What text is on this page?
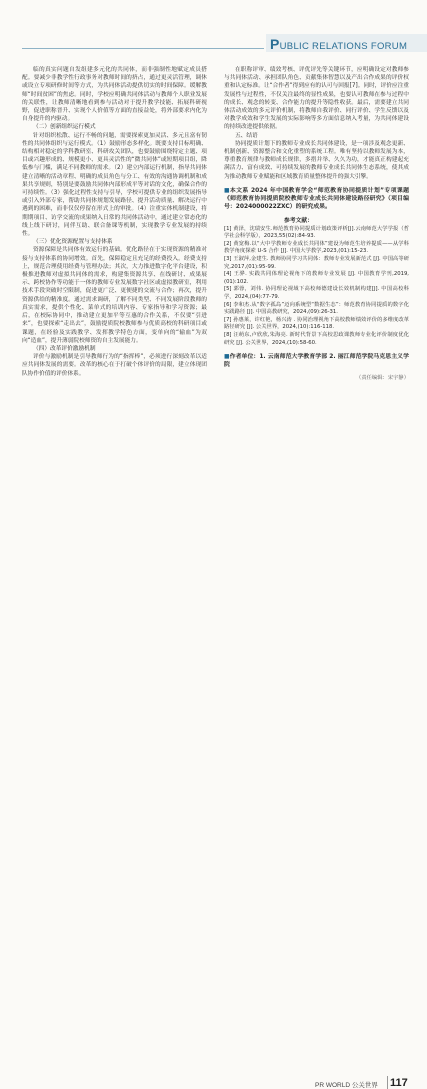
PUBLIC RELATIONS FORUM

临的真实问题自发组建多元化的共同体，而非强制性地赋定成员搭配。要减少非教学性行政事务对教师时间的挤占，通过更灵活管理，调休或设立专项研修时间等方式，为共同体活动提供切实的时间保障。缓解教师“时间贫困”的焦虑。同时，学校应明确共同体活动与教师个人职业发展的关联性，让教师清晰地看到参与活动对于提升教学技能、拓展科研视野，促进职称晋升、实现个人价值等方面的直接益处，将外部要求内化为自身提升的内驱动。

（二）创新组织运行模式

针对组织松散、运行不畅的问题，需要探索更加灵活、多元且富有韧性的共同体组织与运行模式。（1）鼓励形态多样化。既要支持目标明确、结构相对稳定的学科教研室、科研攻关团队，也要鼓励围绕特定主题、项目或兴趣形成的、规模更小、更具灵活性的“微共同体”或短期项目组，降低参与门槛，满足不同教师的需求。（2）建立内部运行机制，指导共同体建立清晰的活动章程、明确的成员角色与分工、有效的沟通协调机制和成果共享规则，特别是要鼓励共同体内部形成平等对话的文化，确保合作的可持续性。（3）强化过程性支持与引导，学校可提供专业的组织发展指导或引入外部专家，帮助共同体规划发展路径、提升活动质量、解决运行中遇到的困难，而非仅仅停留在形式上的审批。（4）注重实体机制建设，将期期项目、访学交流的成果纳入日常的共同体活动中，通过建立常态化的线上线下研讨，同伴互助、联合备课等机制，实现教学专业发展的持续性。

（三）优化资源配置与支持体系

资源保障是共同体有效运行的基础。优化路径在于实现资源的精准对接与支持体系的协同增效。首先，保障稳定且充足的经费投入。经费支持上，规范合理使用经费与管理办法；其次，大力推进数字化平台建设，积极推进教师对虚拟共同体的需求，构建集资源共享、在线研讨、成果展示、跨校协作等功能于一体的教师专业发展数字社区或虚拟教研室，利用技术手段突破时空限制，促进更广泛、更便捷的交流与合作；再次，提升资源供给的精准度。通过需求调研，了解不同类型、不同发展阶段教师的真实需求，提供个性化、菜单式的培训内容、专家指导和学习资源；最后，在校际协同中，推动建立更加平等互惠的合作关系，不仅要“引进来”，也要探索“走出去”，鼓励提质院校教师参与优质高校的科研项目或课题，在经验及实践教学、发挥教学特色方面，变单向的“输血”为双向“造血”，提升薄弱院校师资的自主发展能力。

（四）改革评价激励机制

评价与激励机制是引导教师行为的“指挥棒”，必须进行深刻改革以适应共同体发展的需要。改革的核心在于打破个体评价的局限，建立体现团队协作价值的评价体系。

在职称评审、绩效考核、评优评先等关键环节，应明确设定对教师参与共同体活动、承担团队角色、贡献集体智慧以及产出合作成果的评价权重和认定标准。让“合作者”得到应有的认可与回报[7]。同时，评价应注重发展性与过程性，不仅关注最终的显性成果，也要认可教师在参与过程中的成长、观念的转变、合作能力的提升等隐性收获。最后，需要建立共同体活动成效的多元评价机制，将教师自我评价、同行评价、学生反馈以及对教学成效和学生发展的实际影响等多方面信息纳入考量，为共同体建设的持续改进提供依据。

五、结语

协同提质计划下的教师专业成长共同体建设，是一项涉及观念更新、机制创新、资源整合和文化重塑的系统工程。唯有坚持以教师发展为本，尊重教育规律与教师成长规律，多措并举、久久为功，才能真正构建起充满活力、富有成效、可持续发展的教师专业成长共同体生态系统，使其成为推动教师专业赋能和区域教育质量整体提升的强大引擎。

■本文系 2024 年中国教育学会“师范教育协同提质计划”专项课题《师范教育协同提质院校教师专业成长共同体建设路径研究》（项目编号：2024000022ZXC）的研究成果。

参考文献：

[1] 黄泽，沈瑞安生.师范教育协同提质计划政策评析[J].云南师范大学学报（哲学社会科学版），2023,55(02):84-93.

[2] 黄宽梅.以“大中学教师专业成长共同体”建设为师范生培养提质——从学科教学角度探索 U-S 合作 [J]. 中国大学教学,2023,(01):15-23.

[3] 王淑萍,金建生. 教师协同学习共同体：教师专业发展新范式 [J]. 中国高等研究,2017,(01):95-99.

[4] 王骅. 实践共同体理论视角下的教师专业发展 [J]. 中国教育学刊,2019,(01):102.

[5] 郭蓉，刘伟. 协同理论视域下高校师德建设长效机制构建[J]. 中国高校科学，2024,(04):77-79.

[6] 李和杰.从“数字孤岛”迈向系统型“数据生态”：师范教育协同提质的数字化实践路径 [J]. 中国高教研究，2024,(09):26-31.

[7] 孙惠莱，许红艳，杨兴涛 . 协同治理视角下高校教师绩效评价的多维度改革路径研究 [J]. 公关世界，2024,(10):116-118.

[8] 汪萌东,卢欣欣,朱海亮. 新时代背景下高校思政课教师专业化评价制度优化研究 [J]. 公关世界，2024,(10):58-60.

■作者单位：1. 云南师范大学教育学部 2. 丽江师范学院马克思主义学院

（责任编辑：宋宇静）

PR WORLD 公关世界 117
